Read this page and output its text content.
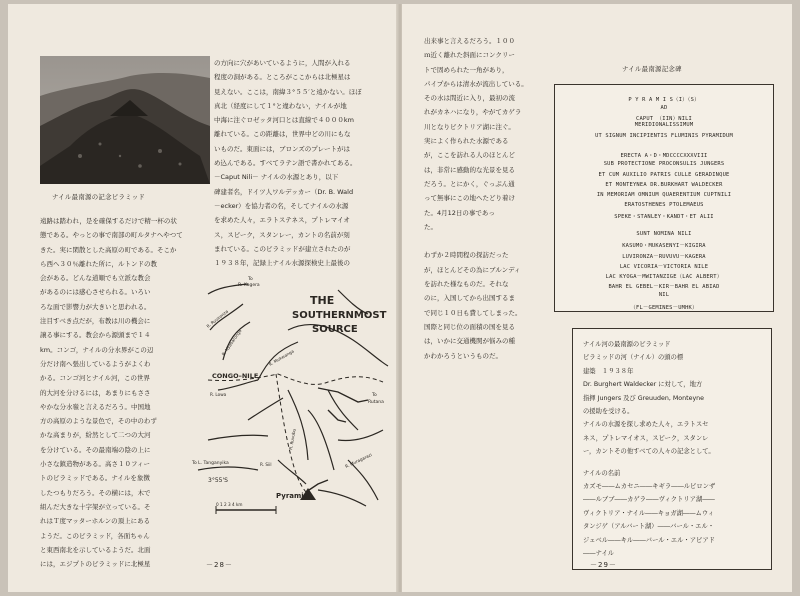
ナイル最南源の記念ピラミッド
の方向に穴があいているように，人間が入れる
程度の洞がある。ところがここからは北極星は
見えない。ここは，南緯３°５５′と遠かない。ほぼ
真北（経度にして１°と違わない，ナイルが地
中海に注ぐロゼッタ河口とは直線で４０００km
離れている。この距離は，世界中どの川にもな
いものだ。東面には，ブロンズのプレートがは
め込んである。すべてラテン語で書かれてある。
－Caput Nili－ ナイルの水源とあり，以下
碑建者名，ドイツ人ワルデッカー（Dr. B. Wald
－ecker）を協力者の名，そしてナイルの水源
を求めた人々，エラトステネス，プトレマイオ
ス，スピーク，スタンレー，カントの名前が刻
まれている。このピラミッドが建立されたのが
１９３８年，記録上ナイル水源探検史上最後の
遠路は踏われ，是を確保するだけで精一杯の状
態である。やっとの事で南部の町ルタナへやつて
きた。実に閑散とした高原の町である。そこか
ら西へ３０％離れた所に，ルトンドの教
会がある。どんな道順でも立派な教会
があるのには感心させられる。いろい
ろな面で影響力が大きいと思われる。
注目すべき点だが，布教は川の機会に
譲る事にする。教会から源頭まで１４
km。コンゴ，ナイルの分水界がこの辺
分だけ南へ張出しているようがよくわ
かる。コンゴ河とナイル河，この世界
的大河を分けるには，あまりにもささ
やかな分水嶺と言えるだろう。中国地
方の高原のような景色で，その中のわず
かな高まりが，紛然として二つの大河
を分けている。その最南端の陰の上に
小さな鎮造物がある。高さ１０フィー
トのピラミッドである。ナイルを象徴
したつもりだろう。その横には，木で
組んだ大きな十字架が立っている。そ
れはＴ度マッターホルンの頂上にある
ようだ。このピラミッド，各面ちゃん
と東西南北を示しているようだ。北面
には，エジプトのピラミッドに北極星
THE
SOUTHERNMOST
SOURCE
To
R. Kagera
R. Ruvironza
R. Nyabarongo
R. Mukwanga
CONGO–NILE
R. Lowa	To
Rutana
R. Ruvubu
To L. Tanganyika
3°55'S
R. Siil	R. Muragarazi
Pyramid
0 1 2 3 4 km
－28－
出来事と言えるだろう。１００
ｍ近く離れた斜面にコンクリー
トで固められた一角があり，
パイプからは清水が流出している。
その水は間近に入り，最初の流
れがカネハになり，やがてカゲラ
川となりビクトリア湖に注ぐ。
実によく作られた水源である
が，ここを訪れる人のほとんど
は，非常に感動的な光景を見る
だろう。とにかく，ぐっぷん通
って無事にこの地へたどり着け
た。4月12日の事であっ
た。

わずか２時間程の探訪だった
が，ほとんどその為にブルンディ
を訪れた様なものだ。それな
のに，入国してから出国するま
で同じ１０日も費してしまった。
国際と同じ位の面積の国を見る
は，いかに交通機関が悩みの種
かわかろうというものだ。
ナイル最南源記念碑
P Y R A M I S（I）（S）
AD
CAPUT （IIN）NILI
MERIDIONALISSIMUM
UT SIGNUM INCIPIENTIS FLUMINIS PYRAMIDUM
ERECTA A・D・MDCCCCXXXVIII
SUB PROTECTIONE PROCONSULIS JUNGERS
ET CUM AUXILIO PATRIS CULLE GERADINQUE
ET MONTEYNEA DR.BURKHART WALDECKER
IN MEMORIAM OMNIUM QUAERENTIUM CUPTNILI
ERATOSTHENES PTOLEMAEUS
SPEKE・STANLEY・KANDT・ET ALII
SUNT NOMINA NILI
KASUMO・MUKASENYI－KIGIRA
LUVIRONZA－RUVUVU－KAGERA
LAC VICORIA－VICTORIA NILE
LAC KYOGA－MWITANZIGE（LAC ALBERT）
BAHR EL GEBEL－KIR－BAHR EL ABIAD
NIL
（FL－GEMINES－UMHK）
ナイル河の最南源のピラミッド
ピラミッドの河（ナイル）の頭の標
建築　１９３８年
Dr. Burghert Waldecker に対して，地方
指揮 Jungers 及び Greuuden, Monteyne
の援助を受ける。
ナイルの水源を探し求めた人々，エラトスセ
ネス，プトレマイオス，スピーク，スタンレ
ー，カントその他すべての人々の記念として。

ナイルの名前
カズモ――ムカセニ――キギラ――ルビロンザ
――ルブブ――カゲラ――ヴィクトリア湖――
ヴィクトリア・ナイル――キョガ湖――ムウィ
タンジゲ（アルバート湖）――バール・エル・
ジェベル――キル――バール・エル・アビアド
――ナイル
－29－
